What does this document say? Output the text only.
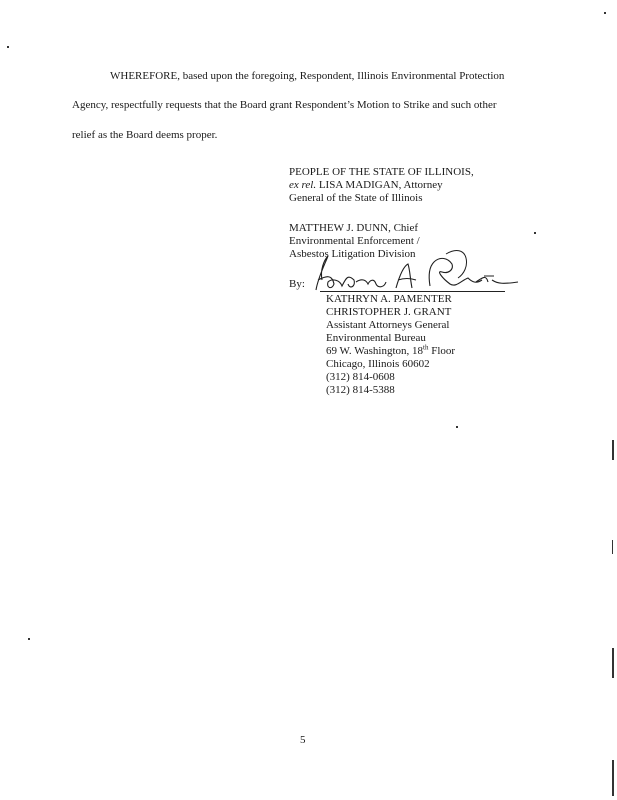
WHEREFORE, based upon the foregoing, Respondent, Illinois Environmental Protection
Agency, respectfully requests that the Board grant Respondent’s Motion to Strike and such other
relief as the Board deems proper.
PEOPLE OF THE STATE OF ILLINOIS,
ex rel. LISA MADIGAN, Attorney
General of the State of Illinois
MATTHEW J. DUNN, Chief
Environmental Enforcement /
Asbestos Litigation Division
By:
KATHRYN A. PAMENTER
CHRISTOPHER J. GRANT
Assistant Attorneys General
Environmental Bureau
69 W. Washington, 18th Floor
Chicago, Illinois 60602
(312) 814-0608
(312) 814-5388
5
